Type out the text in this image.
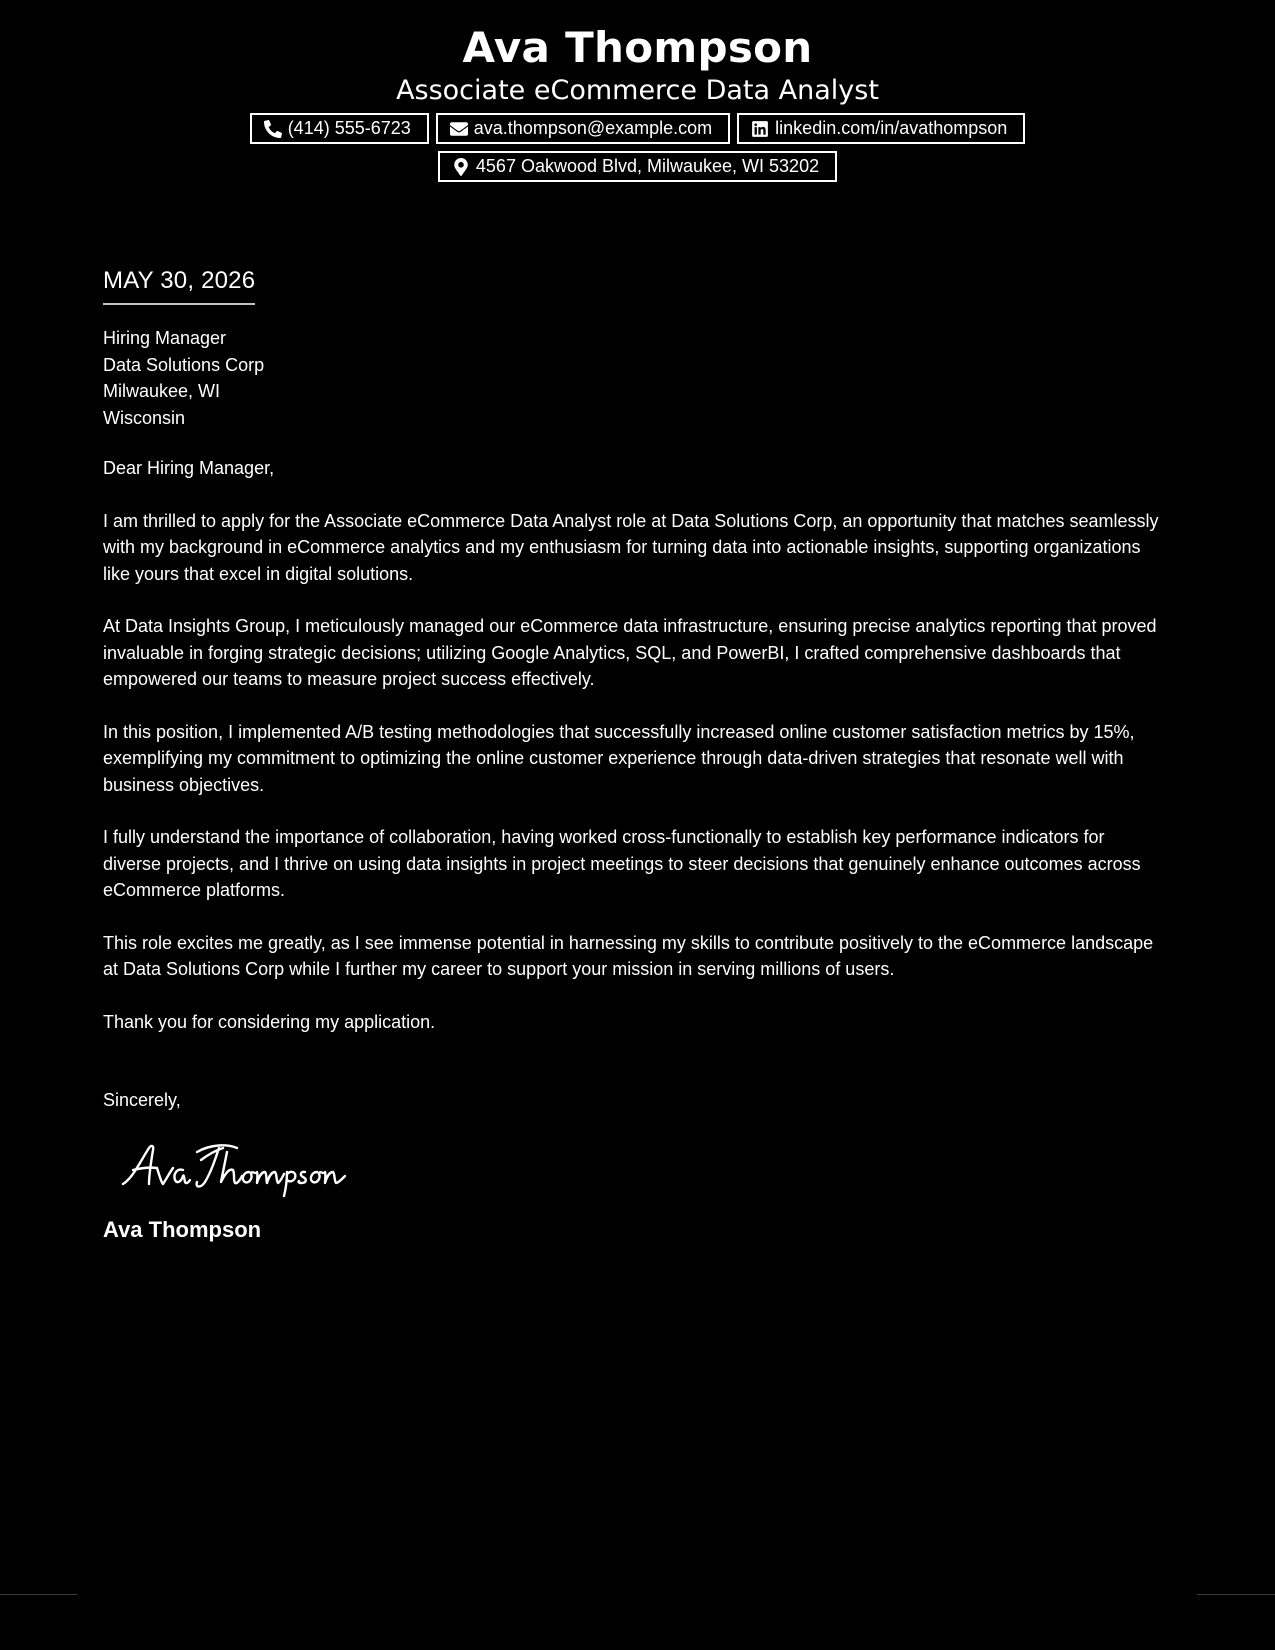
Ava Thompson
Associate eCommerce Data Analyst
(414) 555-6723	ava.thompson@example.com	linkedin.com/in/avathompson
4567 Oakwood Blvd, Milwaukee, WI 53202
MAY 30, 2026
Hiring Manager
Data Solutions Corp
Milwaukee, WI
Wisconsin
Dear Hiring Manager,
I am thrilled to apply for the Associate eCommerce Data Analyst role at Data Solutions Corp, an opportunity that matches seamlessly with my background in eCommerce analytics and my enthusiasm for turning data into actionable insights, supporting organizations like yours that excel in digital solutions.
At Data Insights Group, I meticulously managed our eCommerce data infrastructure, ensuring precise analytics reporting that proved invaluable in forging strategic decisions; utilizing Google Analytics, SQL, and PowerBI, I crafted comprehensive dashboards that empowered our teams to measure project success effectively.
In this position, I implemented A/B testing methodologies that successfully increased online customer satisfaction metrics by 15%, exemplifying my commitment to optimizing the online customer experience through data-driven strategies that resonate well with business objectives.
I fully understand the importance of collaboration, having worked cross-functionally to establish key performance indicators for diverse projects, and I thrive on using data insights in project meetings to steer decisions that genuinely enhance outcomes across eCommerce platforms.
This role excites me greatly, as I see immense potential in harnessing my skills to contribute positively to the eCommerce landscape at Data Solutions Corp while I further my career to support your mission in serving millions of users.
Thank you for considering my application.
Sincerely,
Ava Thompson
